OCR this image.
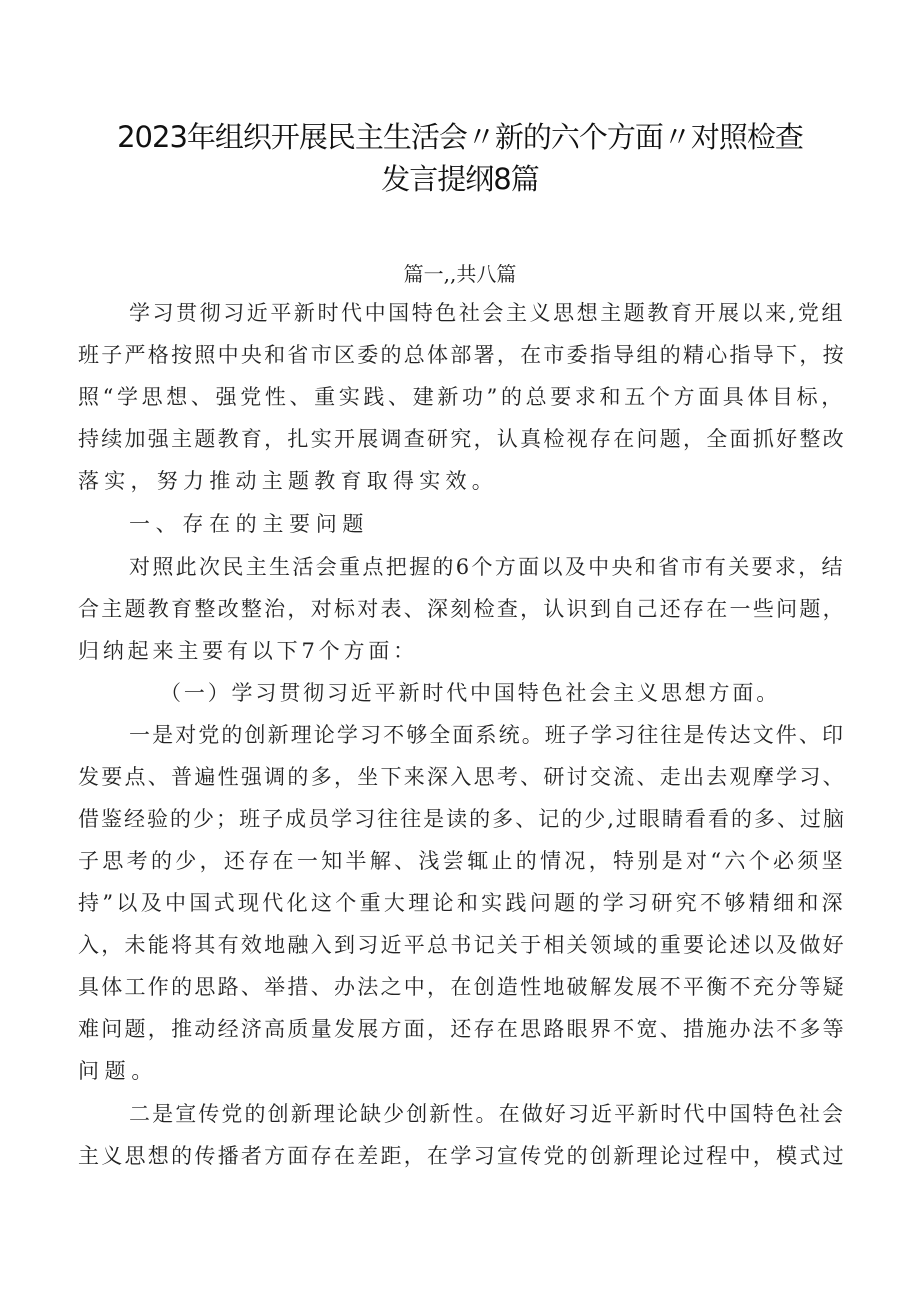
2023年组织开展民主生活会〃新的六个方面〃对照检查
发言提纲8篇

篇一,,共八篇

学习贯彻习近平新时代中国特色社会主义思想主题教育开展以来,党组

班子严格按照中央和省市区委的总体部署，在市委指导组的精心指导下，按

照“学思想、强党性、重实践、建新功”的总要求和五个方面具体目标，

持续加强主题教育，扎实开展调查研究，认真检视存在问题，全面抓好整改

落实，努力推动主题教育取得实效。

一、存在的主要问题

对照此次民主生活会重点把握的6个方面以及中央和省市有关要求，结

合主题教育整改整治，对标对表、深刻检查，认识到自己还存在一些问题，

归纳起来主要有以下7个方面：

（一）学习贯彻习近平新时代中国特色社会主义思想方面。

一是对党的创新理论学习不够全面系统。班子学习往往是传达文件、印

发要点、普遍性强调的多，坐下来深入思考、研讨交流、走出去观摩学习、

借鉴经验的少；班子成员学习往往是读的多、记的少,过眼睛看看的多、过脑

子思考的少，还存在一知半解、浅尝辄止的情况，特别是对“六个必须坚

持”以及中国式现代化这个重大理论和实践问题的学习研究不够精细和深

入，未能将其有效地融入到习近平总书记关于相关领域的重要论述以及做好

具体工作的思路、举措、办法之中，在创造性地破解发展不平衡不充分等疑

难问题，推动经济高质量发展方面，还存在思路眼界不宽、措施办法不多等

问题。

二是宣传党的创新理论缺少创新性。在做好习近平新时代中国特色社会

主义思想的传播者方面存在差距，在学习宣传党的创新理论过程中，模式过
